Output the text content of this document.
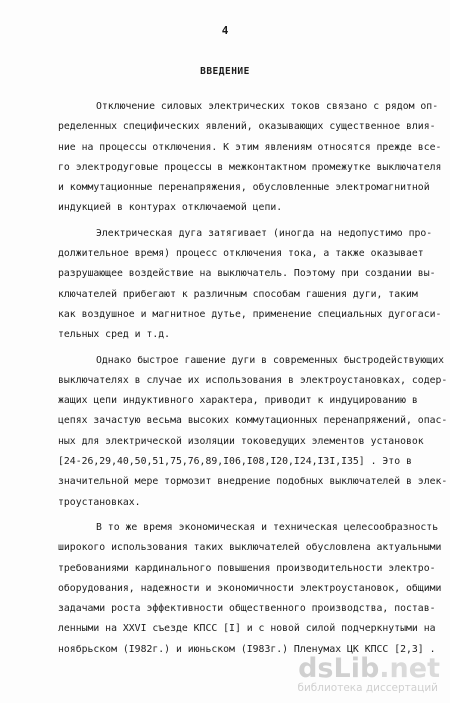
4
ВВЕДЕНИЕ

Отключение силовых электрических токов связано с рядом оп-
ределенных специфических явлений, оказывающих существенное влия-
ние на процессы отключения. К этим явлениям относятся прежде все-
го электродуговые процессы в межконтактном промежутке выключателя
и коммутационные перенапряжения, обусловленные электромагнитной
индукцией в контурах отключаемой цепи.

Электрическая дуга затягивает (иногда на недопустимо про-
должительное время) процесс отключения тока, а также оказывает
разрушающее воздействие на выключатель. Поэтому при создании вы-
ключателей прибегают к различным способам гашения дуги, таким
как воздушное и магнитное дутье, применение специальных дугогаси-
тельных сред и т.д.

Однако быстрое гашение дуги в современных быстродействующих
выключателях в случае их использования в электроустановках, содер-
жащих цепи индуктивного характера, приводит к индуцированию в
цепях зачастую весьма высоких коммутационных перенапряжений, опас-
ных для электрической изоляции токоведущих элементов установок
[24-26,29,40,50,51,75,76,89,I06,I08,I20,I24,I3I,I35] . Это в
значительной мере тормозит внедрение подобных выключателей в элек-
троустановках.

В то же время экономическая и техническая целесообразность
широкого использования таких выключателей обусловлена актуальными
требованиями кардинального повышения производительности электро-
оборудования, надежности и экономичности электроустановок, общими
задачами роста эффективности общественного производства, постав-
ленными на XXVI съезде КПСС [I] и с новой силой подчеркнутыми на
ноябрьском (I982г.) и июньском (I983г.) Пленумах ЦК КПСС [2,3] .

dsLib.net
библиотека диссертаций
